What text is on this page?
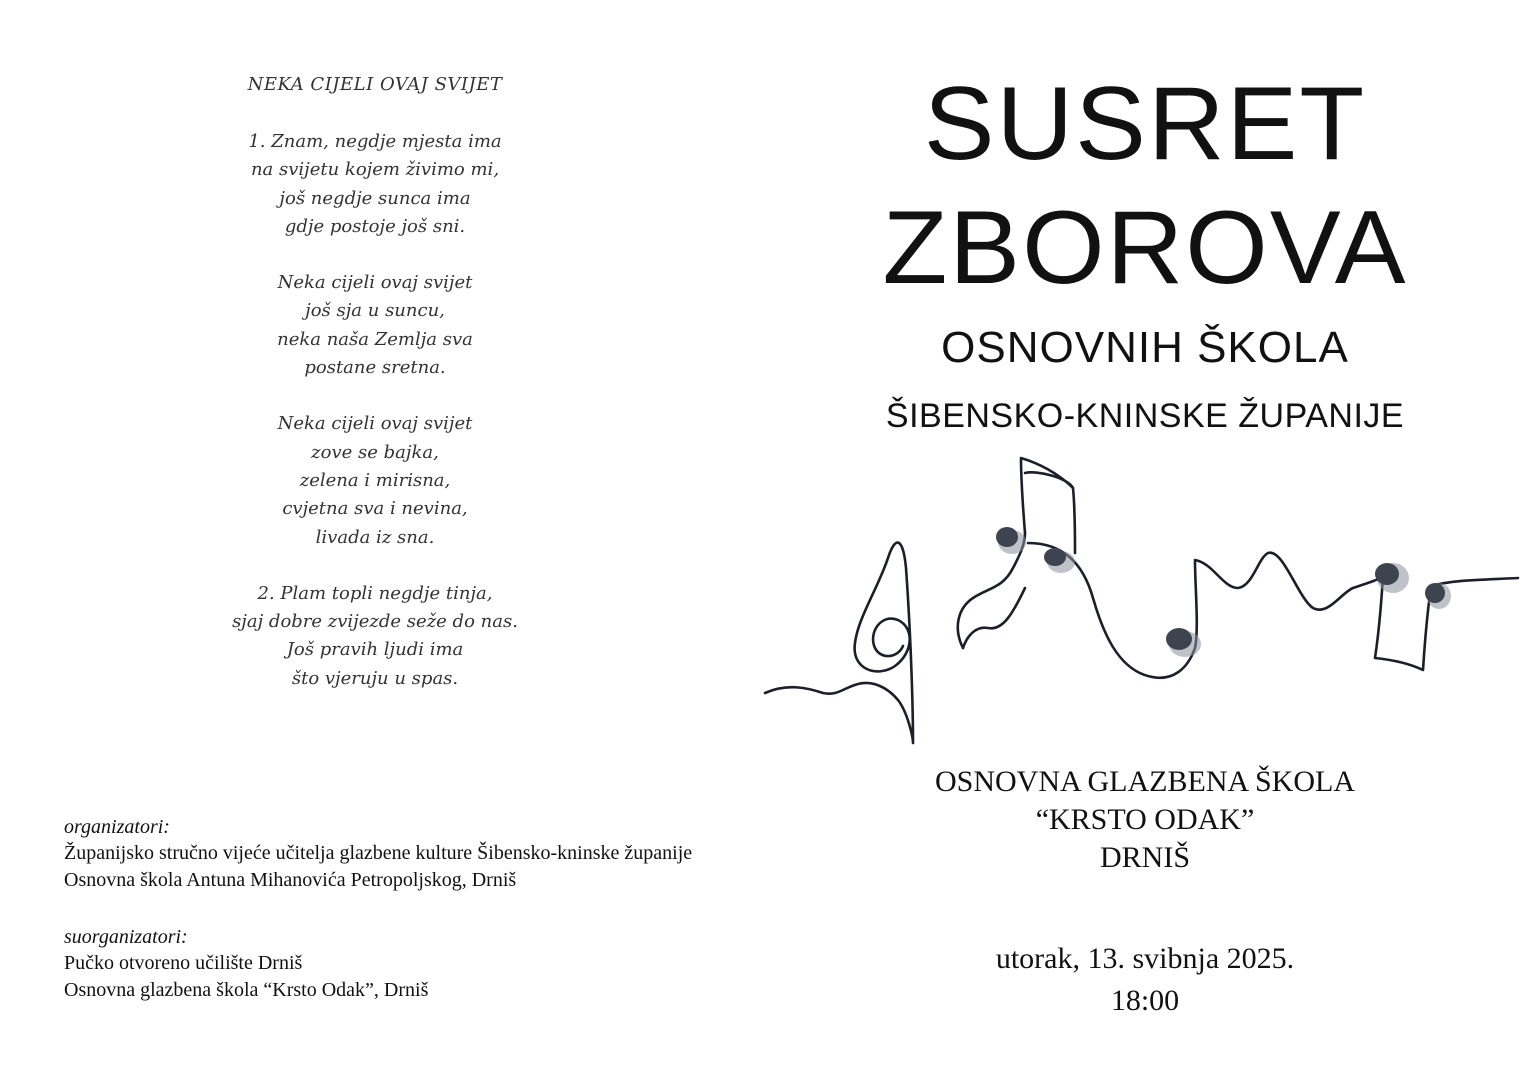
NEKA CIJELI OVAJ SVIJET
1. Znam, negdje mjesta ima
na svijetu kojem živimo mi,
još negdje sunca ima
gdje postoje još sni.
Neka cijeli ovaj svijet
još sja u suncu,
neka naša Zemlja sva
postane sretna.
Neka cijeli ovaj svijet
zove se bajka,
zelena i mirisna,
cvjetna sva i nevina,
livada iz sna.
2. Plam topli negdje tinja,
sjaj dobre zvijezde seže do nas.
Još pravih ljudi ima
što vjeruju u spas.
organizatori:
Županijsko stručno vijeće učitelja glazbene kulture Šibensko-kninske županije
Osnovna škola Antuna Mihanovića Petropoljskog, Drniš
suorganizatori:
Pučko otvoreno učilište Drniš
Osnovna glazbena škola “Krsto Odak”, Drniš
SUSRET
ZBOROVA
OSNOVNIH ŠKOLA
ŠIBENSKO-KNINSKE ŽUPANIJE
OSNOVNA GLAZBENA ŠKOLA
“KRSTO ODAK”
DRNIŠ
utorak, 13. svibnja 2025.
18:00
